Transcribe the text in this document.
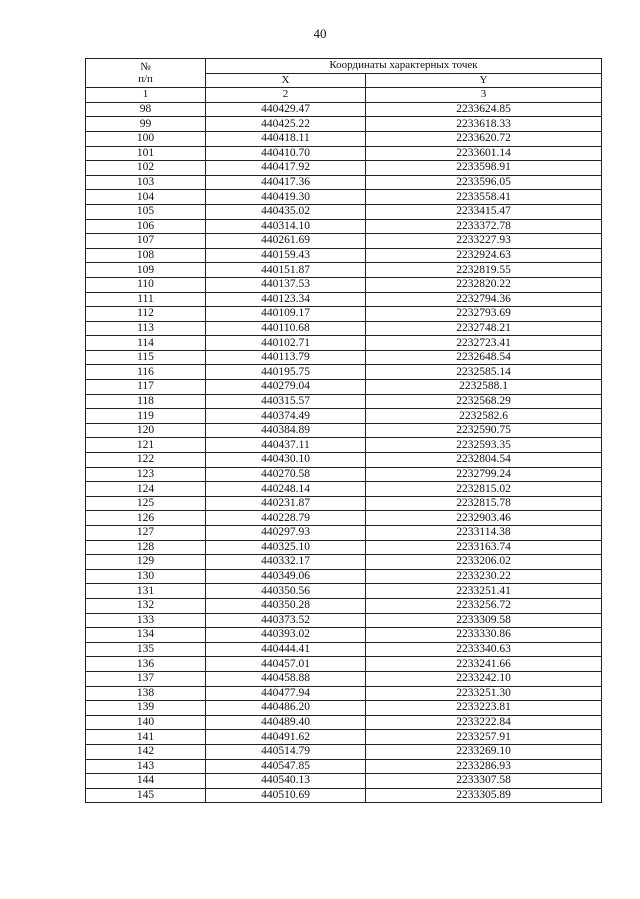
40
№
п/п	Координаты характерных точек	
	X	Y
1	2	3
98	440429.47	2233624.85
99	440425.22	2233618.33
100	440418.11	2233620.72
101	440410.70	2233601.14
102	440417.92	2233598.91
103	440417.36	2233596.05
104	440419.30	2233558.41
105	440435.02	2233415.47
106	440314.10	2233372.78
107	440261.69	2233227.93
108	440159.43	2232924.63
109	440151.87	2232819.55
110	440137.53	2232820.22
111	440123.34	2232794.36
112	440109.17	2232793.69
113	440110.68	2232748.21
114	440102.71	2232723.41
115	440113.79	2232648.54
116	440195.75	2232585.14
117	440279.04	2232588.1
118	440315.57	2232568.29
119	440374.49	2232582.6
120	440384.89	2232590.75
121	440437.11	2232593.35
122	440430.10	2232804.54
123	440270.58	2232799.24
124	440248.14	2232815.02
125	440231.87	2232815.78
126	440228.79	2232903.46
127	440297.93	2233114.38
128	440325.10	2233163.74
129	440332.17	2233206.02
130	440349.06	2233230.22
131	440350.56	2233251.41
132	440350.28	2233256.72
133	440373.52	2233309.58
134	440393.02	2233330.86
135	440444.41	2233340.63
136	440457.01	2233241.66
137	440458.88	2233242.10
138	440477.94	2233251.30
139	440486.20	2233223.81
140	440489.40	2233222.84
141	440491.62	2233257.91
142	440514.79	2233269.10
143	440547.85	2233286.93
144	440540.13	2233307.58
145	440510.69	2233305.89
